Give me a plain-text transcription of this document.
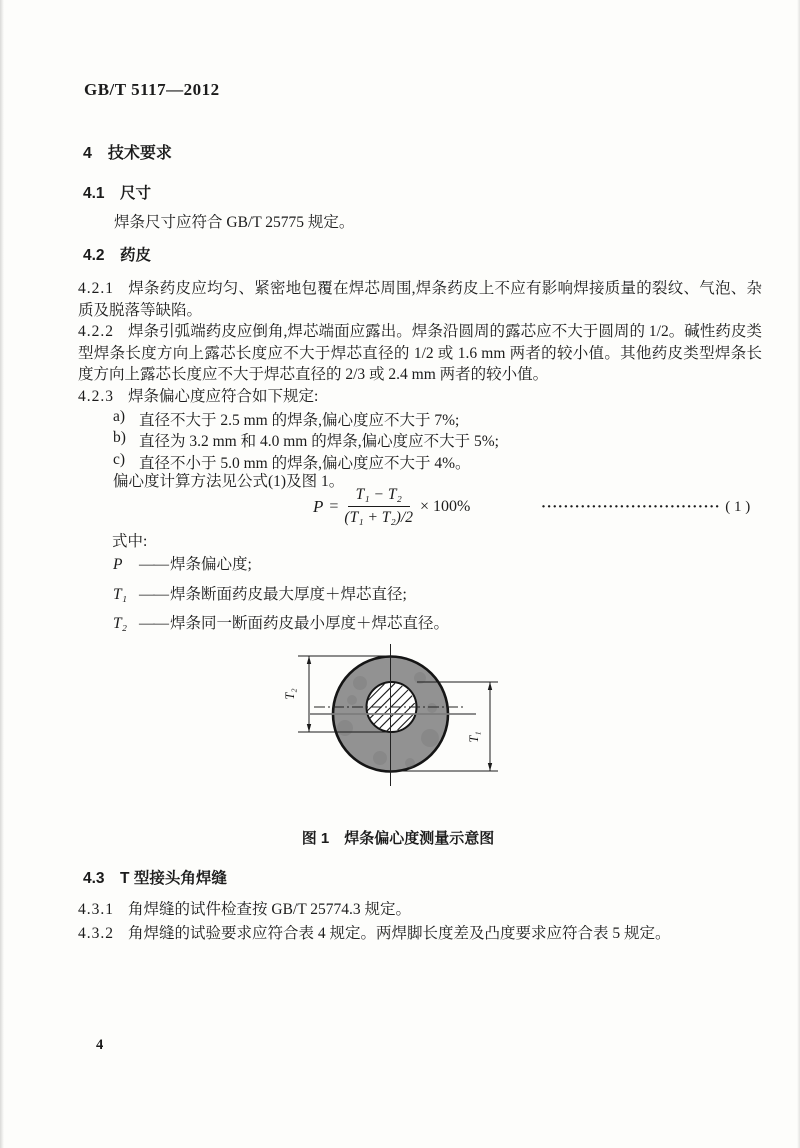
GB/T 5117—2012
4　技术要求
4.1　尺寸
焊条尺寸应符合 GB/T 25775 规定。
4.2　药皮
4.2.1 焊条药皮应均匀、紧密地包覆在焊芯周围,焊条药皮上不应有影响焊接质量的裂纹、气泡、杂质及脱落等缺陷。
4.2.2 焊条引弧端药皮应倒角,焊芯端面应露出。焊条沿圆周的露芯应不大于圆周的 1/2。碱性药皮类型焊条长度方向上露芯长度应不大于焊芯直径的 1/2 或 1.6 mm 两者的较小值。其他药皮类型焊条长度方向上露芯长度应不大于焊芯直径的 2/3 或 2.4 mm 两者的较小值。
4.2.3 焊条偏心度应符合如下规定:
a) 直径不大于 2.5 mm 的焊条,偏心度应不大于 7%;
b) 直径为 3.2 mm 和 4.0 mm 的焊条,偏心度应不大于 5%;
c) 直径不小于 5.0 mm 的焊条,偏心度应不大于 4%。
偏心度计算方法见公式(1)及图 1。
$P = \frac{\text{T₁ − T₂}}{\text{(T₁ + T₂)/2}} \times 100\%$	································ ( 1 )
式中:
P	—— 焊条偏心度;
T₁ —— 焊条断面药皮最大厚度＋焊芯直径;
T₂ —— 焊条同一断面药皮最小厚度＋焊芯直径。
T₂
T₁
图 1　焊条偏心度测量示意图
4.3　T 型接头角焊缝
4.3.1 角焊缝的试件检查按 GB/T 25774.3 规定。
4.3.2 角焊缝的试验要求应符合表 4 规定。两焊脚长度差及凸度要求应符合表 5 规定。
4
